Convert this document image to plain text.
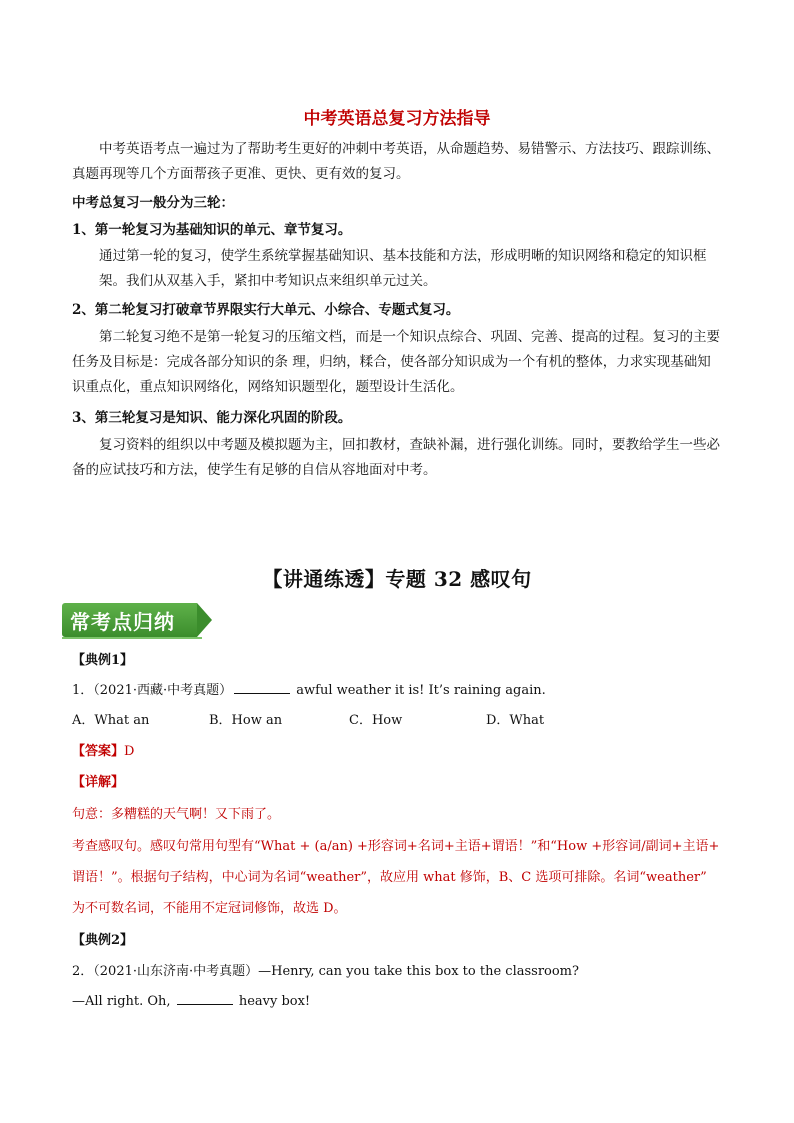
中考英语总复习方法指导
中考英语考点一遍过为了帮助考生更好的冲刺中考英语，从命题趋势、易错警示、方法技巧、跟踪训练、真题再现等几个方面帮孩子更准、更快、更有效的复习。
中考总复习一般分为三轮：
1、第一轮复习为基础知识的单元、章节复习。
通过第一轮的复习，使学生系统掌握基础知识、基本技能和方法，形成明晰的知识网络和稳定的知识框架。我们从双基入手，紧扣中考知识点来组织单元过关。
2、第二轮复习打破章节界限实行大单元、小综合、专题式复习。
第二轮复习绝不是第一轮复习的压缩文档，而是一个知识点综合、巩固、完善、提高的过程。复习的主要任务及目标是：完成各部分知识的条 理，归纳，糅合，使各部分知识成为一个有机的整体，力求实现基础知识重点化，重点知识网络化，网络知识题型化，题型设计生活化。
3、第三轮复习是知识、能力深化巩固的阶段。
复习资料的组织以中考题及模拟题为主，回扣教材，查缺补漏，进行强化训练。同时，要教给学生一些必备的应试技巧和方法，使学生有足够的自信从容地面对中考。
【讲通练透】专题 32 感叹句
常考点归纳
【典例1】
1．（2021·西藏·中考真题）	awful weather it is! It’s raining again.
A．What an	B．How an	C．How	D．What
【答案】D
【详解】
句意：多糟糕的天气啊！又下雨了。
考查感叹句。感叹句常用句型有“What + (a/an) +形容词+名词+主语+谓语！”和“How +形容词/副词+主语+
谓语！”。根据句子结构，中心词为名词“weather”，故应用 what 修饰，B、C 选项可排除。名词“weather”
为不可数名词，不能用不定冠词修饰，故选 D。
【典例2】
2．（2021·山东济南·中考真题）—Henry, can you take this box to the classroom?
—All right. Oh,	heavy box!
